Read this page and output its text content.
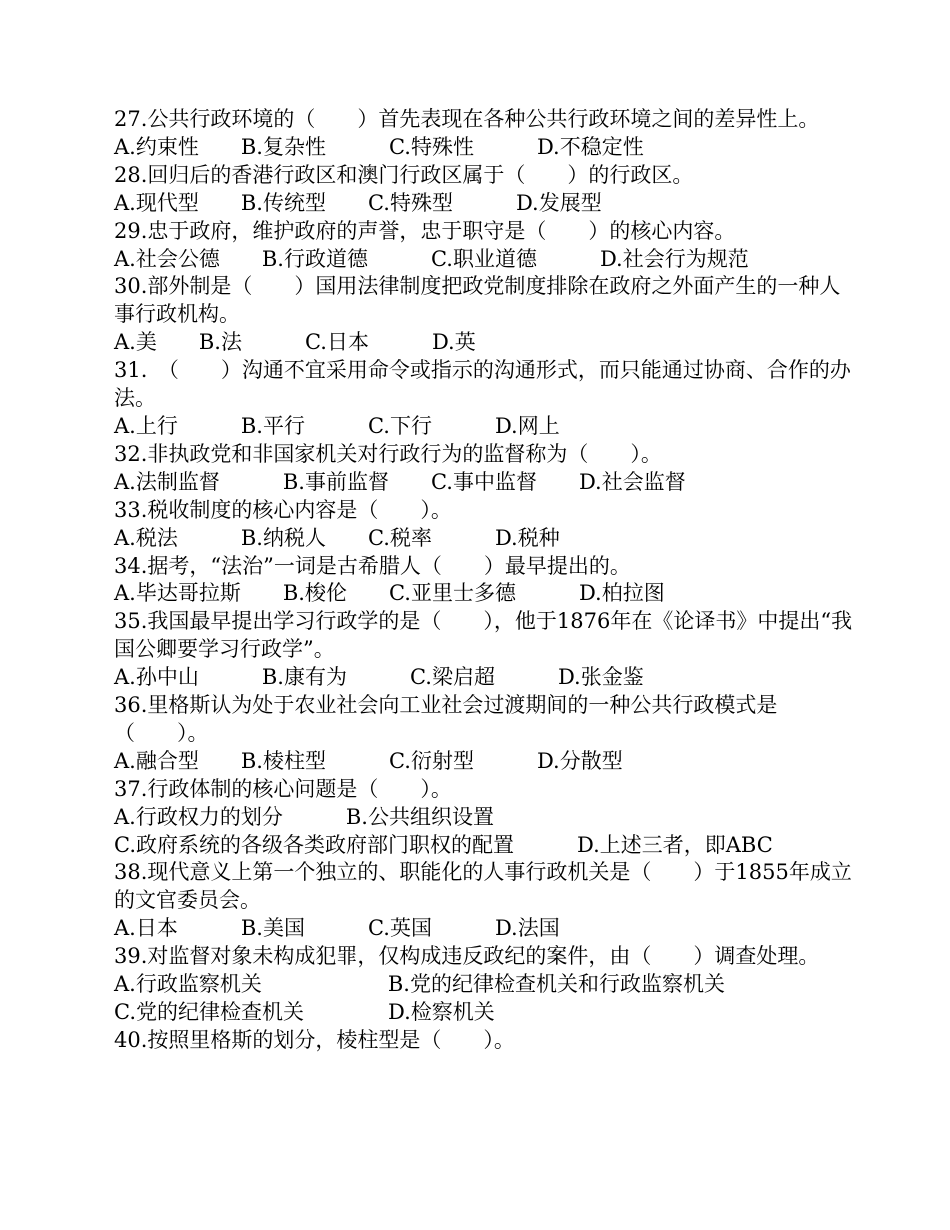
27.公共行政环境的（　　）首先表现在各种公共行政环境之间的差异性上。
A.约束性　　B.复杂性　　　C.特殊性　　　D.不稳定性
28.回归后的香港行政区和澳门行政区属于（　　）的行政区。
A.现代型　　B.传统型　　C.特殊型　　　D.发展型
29.忠于政府，维护政府的声誉，忠于职守是（　　）的核心内容。
A.社会公德　　B.行政道德　　　C.职业道德　　　D.社会行为规范
30.部外制是（　　）国用法律制度把政党制度排除在政府之外面产生的一种人事行政机构。
A.美　　B.法　　　C.日本　　　D.英
31.　（　　）沟通不宜采用命令或指示的沟通形式，而只能通过协商、合作的办法。
A.上行　　　B.平行　　　C.下行　　　D.网上
32.非执政党和非国家机关对行政行为的监督称为（　　）。
A.法制监督　　　B.事前监督　　C.事中监督　　D.社会监督
33.税收制度的核心内容是（　　）。
A.税法　　　B.纳税人　　C.税率　　　D.税种
34.据考，“法治”一词是古希腊人（　　）最早提出的。
A.毕达哥拉斯　　B.梭伦　　C.亚里士多德　　　D.柏拉图
35.我国最早提出学习行政学的是（　　），他于1876年在《论译书》中提出“我国公卿要学习行政学”。
A.孙中山　　　B.康有为　　　C.梁启超　　　D.张金鉴
36.里格斯认为处于农业社会向工业社会过渡期间的一种公共行政模式是（　　）。
A.融合型　　B.棱柱型　　　C.衍射型　　　D.分散型
37.行政体制的核心问题是（　　）。
A.行政权力的划分　　　B.公共组织设置
C.政府系统的各级各类政府部门职权的配置　　　D.上述三者，即ABC
38.现代意义上第一个独立的、职能化的人事行政机关是（　　）于1855年成立的文官委员会。
A.日本　　　B.美国　　　C.英国　　　D.法国
39.对监督对象未构成犯罪，仅构成违反政纪的案件，由（　　）调查处理。
A.行政监察机关　　　　　　B.党的纪律检查机关和行政监察机关
C.党的纪律检查机关　　　　D.检察机关
40.按照里格斯的划分，棱柱型是（　　）。
